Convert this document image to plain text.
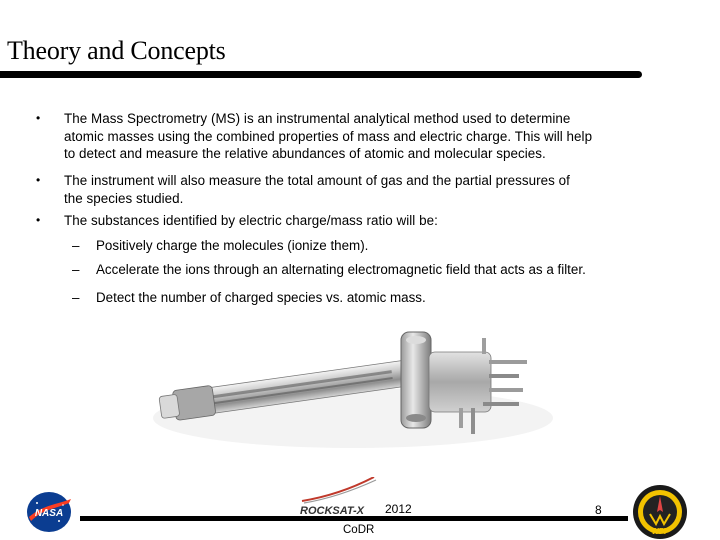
Theory and Concepts
• The Mass Spectrometry (MS) is an instrumental analytical method used to determine
atomic masses using the combined properties of mass and electric charge. This will help
to detect and measure the relative abundances of atomic and molecular species.
• The instrument will also measure the total amount of gas and the partial pressures of
the species studied.
• The substances identified by electric charge/mass ratio will be:
– Positively charge the molecules (ionize them).
– Accelerate the ions through an alternating electromagnetic field that acts as a filter.
– Detect the number of charged species vs. atomic mass.
NASA	ROCKSAT-X 2012	8
CoDR	WFF
